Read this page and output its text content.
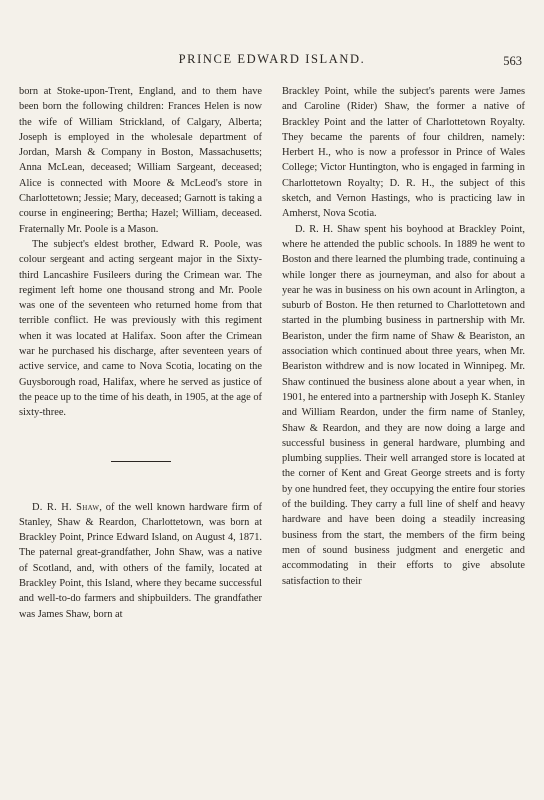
PRINCE EDWARD ISLAND.	563

born at Stoke-upon-Trent, England, and to them have been born the following children: Frances Helen is now the wife of William Strickland, of Calgary, Alberta; Joseph is employed in the wholesale department of Jordan, Marsh & Company in Boston, Massachusetts; Anna McLean, deceased; William Sargeant, deceased; Alice is connected with Moore & McLeod's store in Charlottetown; Jessie; Mary, deceased; Garnott is taking a course in engineering; Bertha; Hazel; William, deceased. Fraternally Mr. Poole is a Mason.

The subject's eldest brother, Edward R. Poole, was colour sergeant and acting sergeant major in the Sixty-third Lancashire Fusileers during the Crimean war. The regiment left home one thousand strong and Mr. Poole was one of the seventeen who returned home from that terrible conflict. He was previously with this regiment when it was located at Halifax. Soon after the Crimean war he purchased his discharge, after seventeen years of active service, and came to Nova Scotia, locating on the Guysborough road, Halifax, where he served as justice of the peace up to the time of his death, in 1905, at the age of sixty-three.

D. R. H. Shaw, of the well known hardware firm of Stanley, Shaw & Reardon, Charlottetown, was born at Brackley Point, Prince Edward Island, on August 4, 1871. The paternal great-grandfather, John Shaw, was a native of Scotland, and, with others of the family, located at Brackley Point, this Island, where they became successful and well-to-do farmers and shipbuilders. The grandfather was James Shaw, born at

Brackley Point, while the subject's parents were James and Caroline (Rider) Shaw, the former a native of Brackley Point and the latter of Charlottetown Royalty. They became the parents of four children, namely: Herbert H., who is now a professor in Prince of Wales College; Victor Huntington, who is engaged in farming in Charlottetown Royalty; D. R. H., the subject of this sketch, and Vernon Hastings, who is practicing law in Amherst, Nova Scotia.

D. R. H. Shaw spent his boyhood at Brackley Point, where he attended the public schools. In 1889 he went to Boston and there learned the plumbing trade, continuing a while longer there as journeyman, and also for about a year he was in business on his own acount in Arlington, a suburb of Boston. He then returned to Charlottetown and started in the plumbing business in partnership with Mr. Beariston, under the firm name of Shaw & Beariston, an association which continued about three years, when Mr. Beariston withdrew and is now located in Winnipeg. Mr. Shaw continued the business alone about a year when, in 1901, he entered into a partnership with Joseph K. Stanley and William Reardon, under the firm name of Stanley, Shaw & Reardon, and they are now doing a large and successful business in general hardware, plumbing and plumbing supplies. Their well arranged store is located at the corner of Kent and Great George streets and is forty by one hundred feet, they occupying the entire four stories of the building. They carry a full line of shelf and heavy hardware and have been doing a steadily increasing business from the start, the members of the firm being men of sound business judgment and energetic and accommodating in their efforts to give absolute satisfaction to their
